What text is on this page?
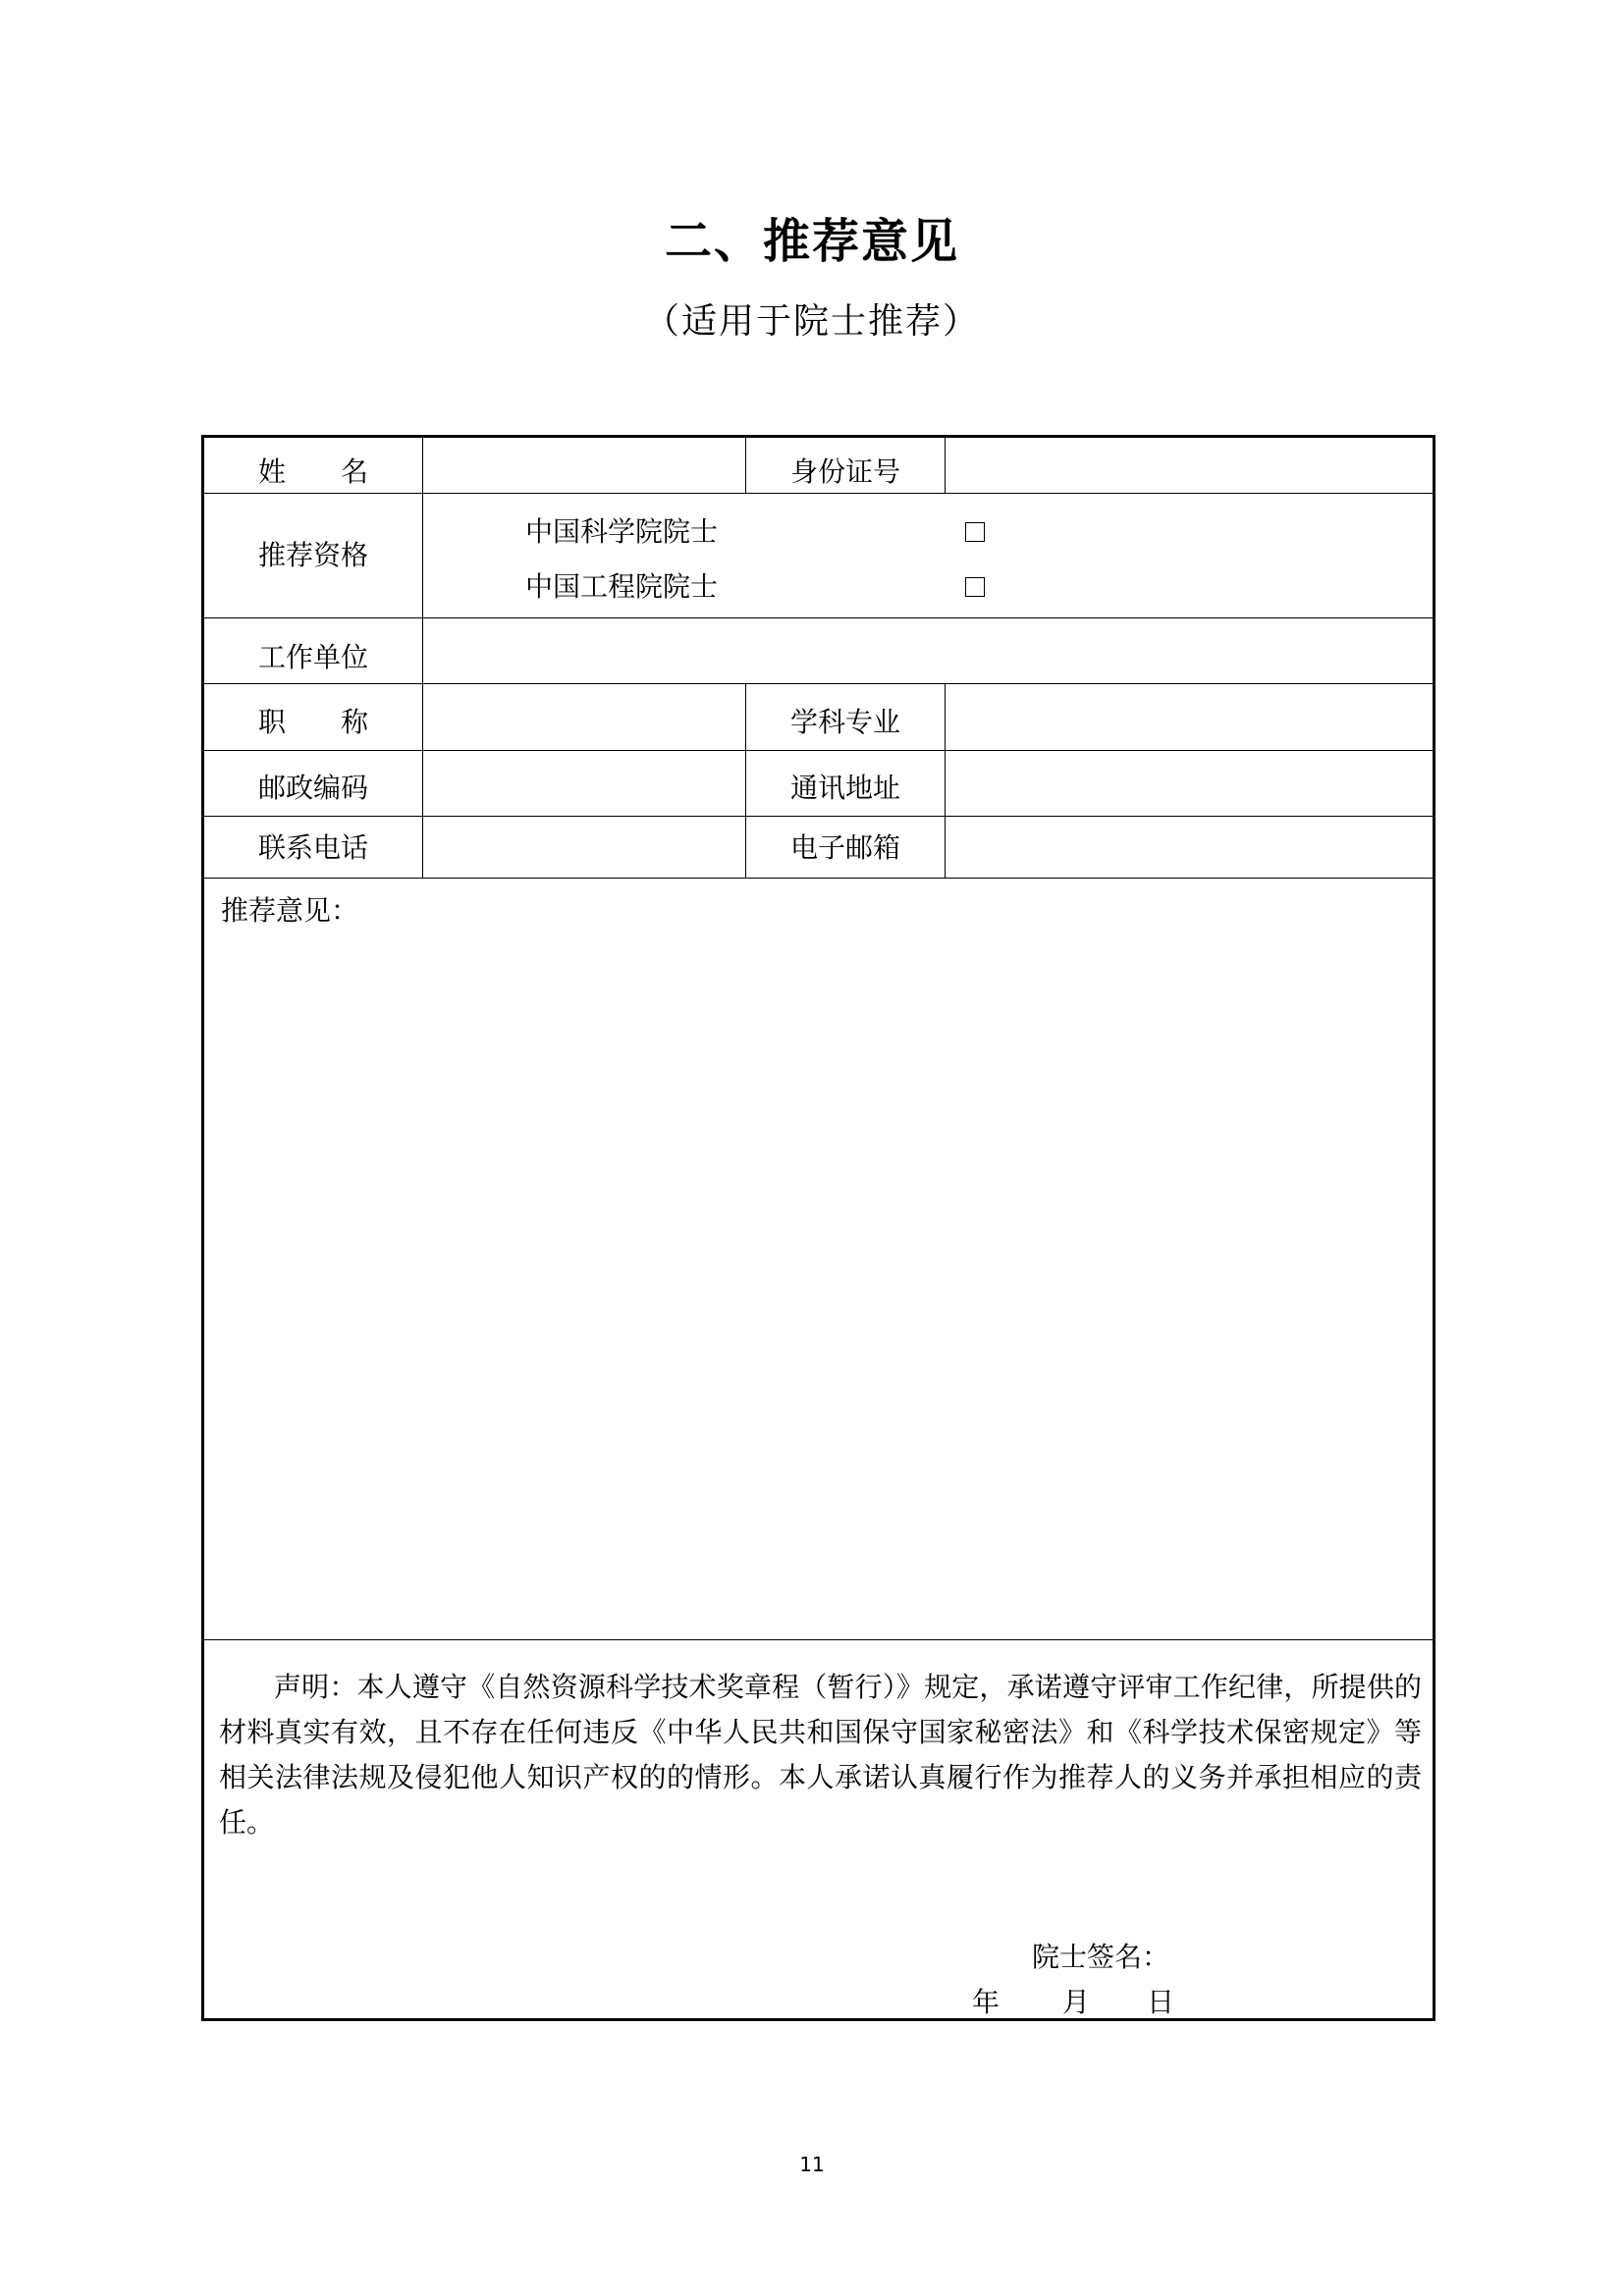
二、推荐意见
（适用于院士推荐）
姓　　名	身份证号
推荐资格
中国科学院院士
中国工程院院士
工作单位
职　　称	学科专业
邮政编码	通讯地址
联系电话	电子邮箱
推荐意见：
声明：本人遵守《自然资源科学技术奖章程（暂行）》规定，承诺遵守评审工作纪律，所提供的材料真实有效，且不存在任何违反《中华人民共和国保守国家秘密法》和《科学技术保密规定》等相关法律法规及侵犯他人知识产权的的情形。本人承诺认真履行作为推荐人的义务并承担相应的责任。
院士签名：
年 月 日
11
